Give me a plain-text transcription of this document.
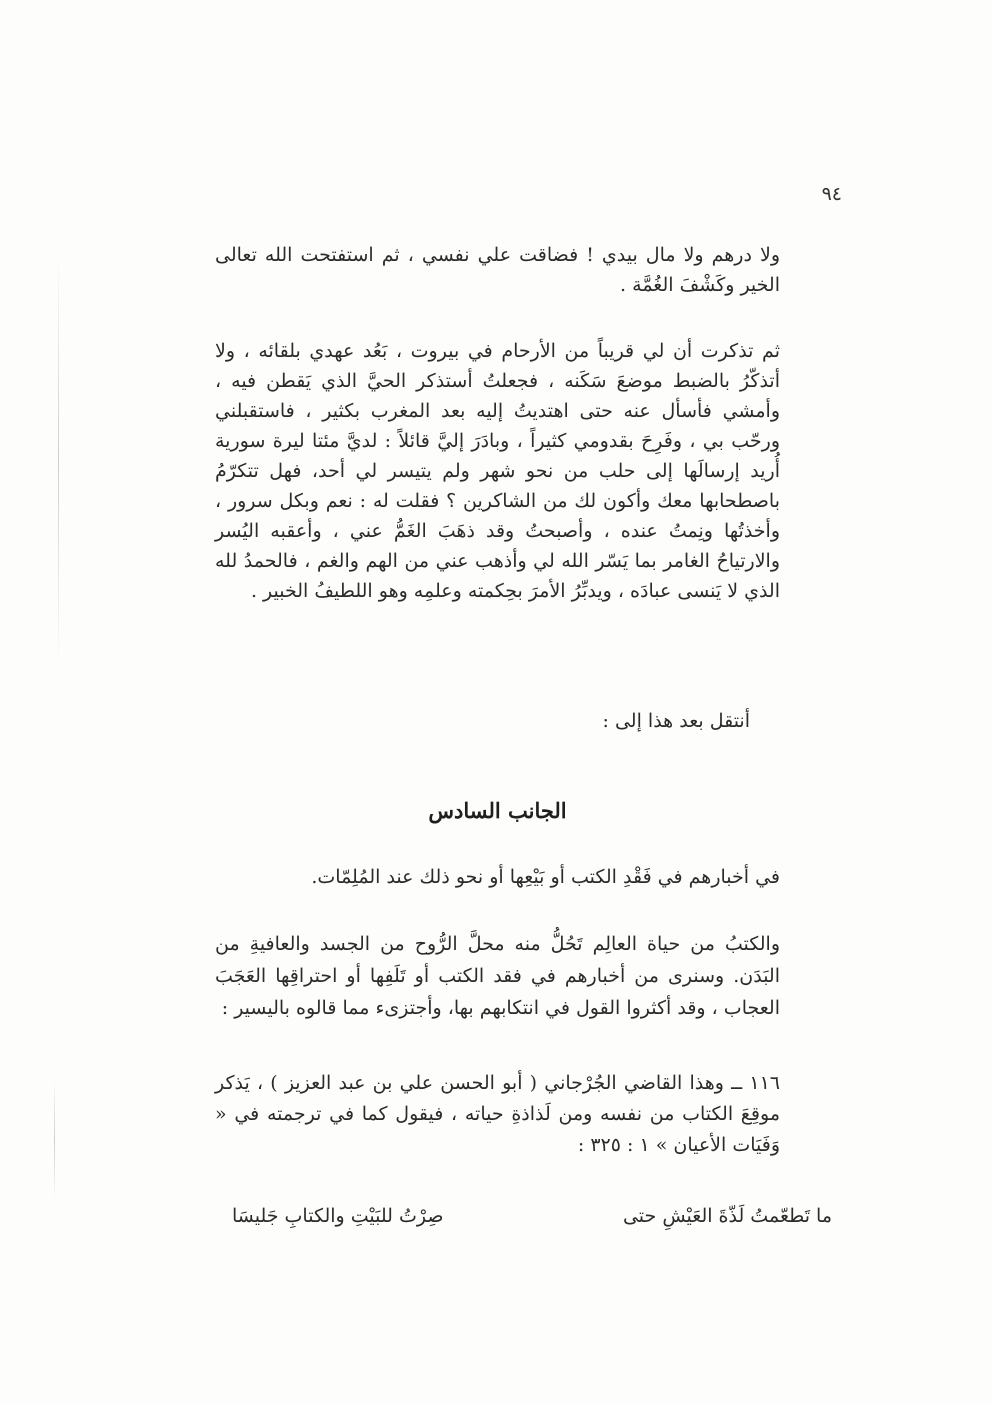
٩٤

ولا درهم ولا مال بيدي ! فضاقت علي نفسي ، ثم استفتحت الله تعالى الخير وكَشْفَ الغُمَّة .

ثم تذكرت أن لي قريباً من الأرحام في بيروت ، بَعُد عهدي بلقائه ، ولا أتذكّرُ بالضبط موضعَ سَكَنه ، فجعلتُ أستذكر الحيَّ الذي يَقطن فيه ، وأمشي فأسأل عنه حتى اهتديتُ إليه بعد المغرب بكثير ، فاستقبلني ورحّب بي ، وفَرِحَ بقدومي كثيراً ، وبادَرَ إليَّ قائلاً : لديَّ مئتا ليرة سورية أُريد إرسالَها إلى حلب من نحو شهر ولم يتيسر لي أحد، فهل تتكرّمُ باصطحابها معك وأكون لك من الشاكرين ؟ فقلت له : نعم وبكل سرور ، وأخذتُها ونِمتُ عنده ، وأصبحتُ وقد ذهَبَ الغَمُّ عني ، وأعقبه اليُسر والارتياحُ الغامر بما يَسّر الله لي وأذهب عني من الهم والغم ، فالحمدُ لله الذي لا يَنسى عبادَه ، ويدبِّرُ الأمرَ بحِكمته وعلمِه وهو اللطيفُ الخبير .

أنتقل بعد هذا إلى :

الجانب السادس

في أخبارهم في فَقْدِ الكتب أو بَيْعِها أو نحو ذلك عند المُلِمّات.

والكتبُ من حياة العالِم تَحُلُّ منه محلَّ الرُّوح من الجسد والعافيةِ من البَدَن. وسنرى من أخبارهم في فقد الكتب أو تَلَفِها أو احتراقِها العَجَبَ العجاب ، وقد أكثروا القول في انتكابهم بها، وأجتزىء مما قالوه باليسير :

١١٦ ــ وهذا القاضي الجُرْجاني ( أبو الحسن علي بن عبد العزيز ) ، يَذكر موقِعَ الكتاب من نفسه ومن لَذاذةِ حياته ، فيقول كما في ترجمته في « وَفَيَات الأعيان » ١ : ٣٢٥ :

ما تَطعّمتُ لَذّةَ العَيْشِ حتى
صِرْتُ للبَيْتِ والكتابِ جَليسَا
